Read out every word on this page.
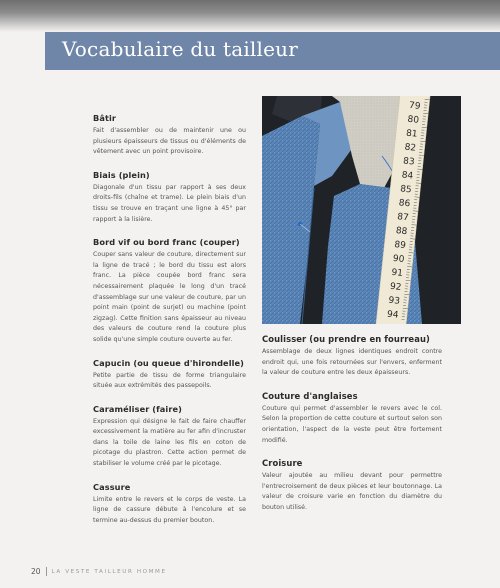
Vocabulaire du tailleur
Bâtir

Fait d'assembler ou de maintenir une ou plusieurs épaisseurs de tissus ou d'éléments de vêtement avec un point provisoire.

Biais (plein)

Diagonale d'un tissu par rapport à ses deux droits-fils (chaîne et trame). Le plein biais d'un tissu se trouve en traçant une ligne à 45° par rapport à la lisière.

Bord vif ou bord franc (couper)

Couper sans valeur de couture, directement sur la ligne de tracé ; le bord du tissu est alors franc. La pièce coupée bord franc sera nécessairement plaquée le long d'un tracé d'assemblage sur une valeur de couture, par un point main (point de surjet) ou machine (point zigzag). Cette finition sans épaisseur au niveau des valeurs de couture rend la couture plus solide qu'une simple couture ouverte au fer.

Capucin (ou queue d'hirondelle)

Petite partie de tissu de forme triangulaire située aux extrémités des passepoils.

Caraméliser (faire)

Expression qui désigne le fait de faire chauffer excessivement la matière au fer afin d'incruster dans la toile de laine les fils en coton de picotage du plastron. Cette action permet de stabiliser le volume créé par le picotage.

Cassure

Limite entre le revers et le corps de veste. La ligne de cassure débute à l'encolure et se termine au-dessus du premier bouton.

79
80
81
82
83
84
85
86
87
88
89
90
91
92
93
94
Coulisser (ou prendre en fourreau)

Assemblage de deux lignes identiques endroit contre endroit qui, une fois retournées sur l'envers, enferment la valeur de couture entre les deux épaisseurs.

Couture d'anglaises

Couture qui permet d'assembler le revers avec le col. Selon la proportion de cette couture et surtout selon son orientation, l'aspect de la veste peut être fortement modifié.

Croisure

Valeur ajoutée au milieu devant pour permettre l'entrecroisement de deux pièces et leur boutonnage. La valeur de croisure varie en fonction du diamètre du bouton utilisé.

20 LA VESTE TAILLEUR HOMME
